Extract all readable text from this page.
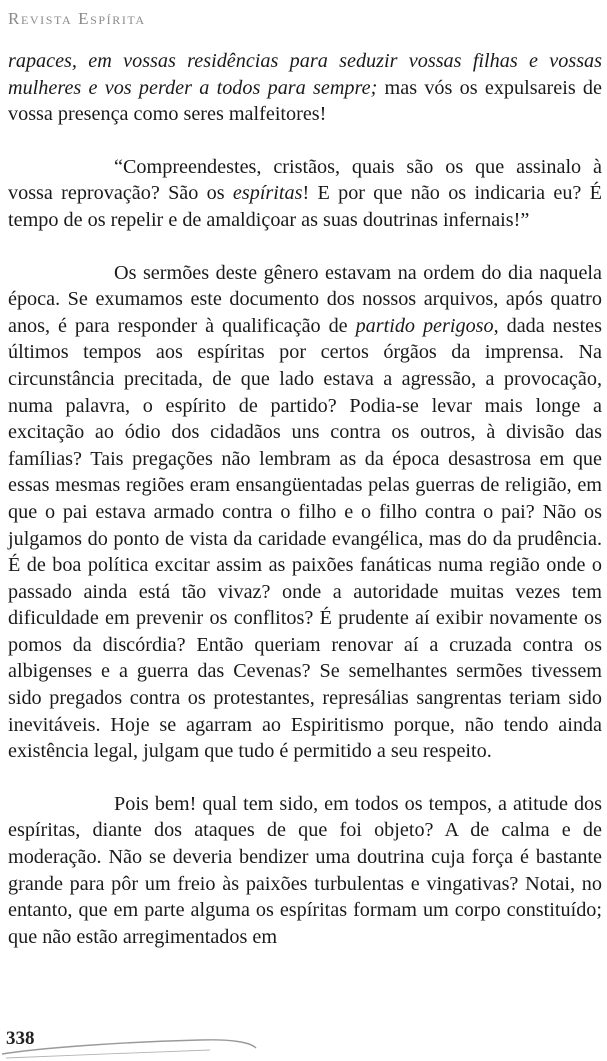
Revista Espírita

rapaces, em vossas residências para seduzir vossas filhas e vossas mulheres e vos perder a todos para sempre; mas vós os expulsareis de vossa presença como seres malfeitores!

“Compreendestes, cristãos, quais são os que assinalo à vossa reprovação? São os espíritas! E por que não os indicaria eu? É tempo de os repelir e de amaldiçoar as suas doutrinas infernais!”

Os sermões deste gênero estavam na ordem do dia naquela época. Se exumamos este documento dos nossos arquivos, após quatro anos, é para responder à qualificação de partido perigoso, dada nestes últimos tempos aos espíritas por certos órgãos da imprensa. Na circunstância precitada, de que lado estava a agressão, a provocação, numa palavra, o espírito de partido? Podia-se levar mais longe a excitação ao ódio dos cidadãos uns contra os outros, à divisão das famílias? Tais pregações não lembram as da época desastrosa em que essas mesmas regiões eram ensangüentadas pelas guerras de religião, em que o pai estava armado contra o filho e o filho contra o pai? Não os julgamos do ponto de vista da caridade evangélica, mas do da prudência. É de boa política excitar assim as paixões fanáticas numa região onde o passado ainda está tão vivaz? onde a autoridade muitas vezes tem dificuldade em prevenir os conflitos? É prudente aí exibir novamente os pomos da discórdia? Então queriam renovar aí a cruzada contra os albigenses e a guerra das Cevenas? Se semelhantes sermões tivessem sido pregados contra os protestantes, represálias sangrentas teriam sido inevitáveis. Hoje se agarram ao Espiritismo porque, não tendo ainda existência legal, julgam que tudo é permitido a seu respeito.

Pois bem! qual tem sido, em todos os tempos, a atitude dos espíritas, diante dos ataques de que foi objeto? A de calma e de moderação. Não se deveria bendizer uma doutrina cuja força é bastante grande para pôr um freio às paixões turbulentas e vingativas? Notai, no entanto, que em parte alguma os espíritas formam um corpo constituído; que não estão arregimentados em

338
